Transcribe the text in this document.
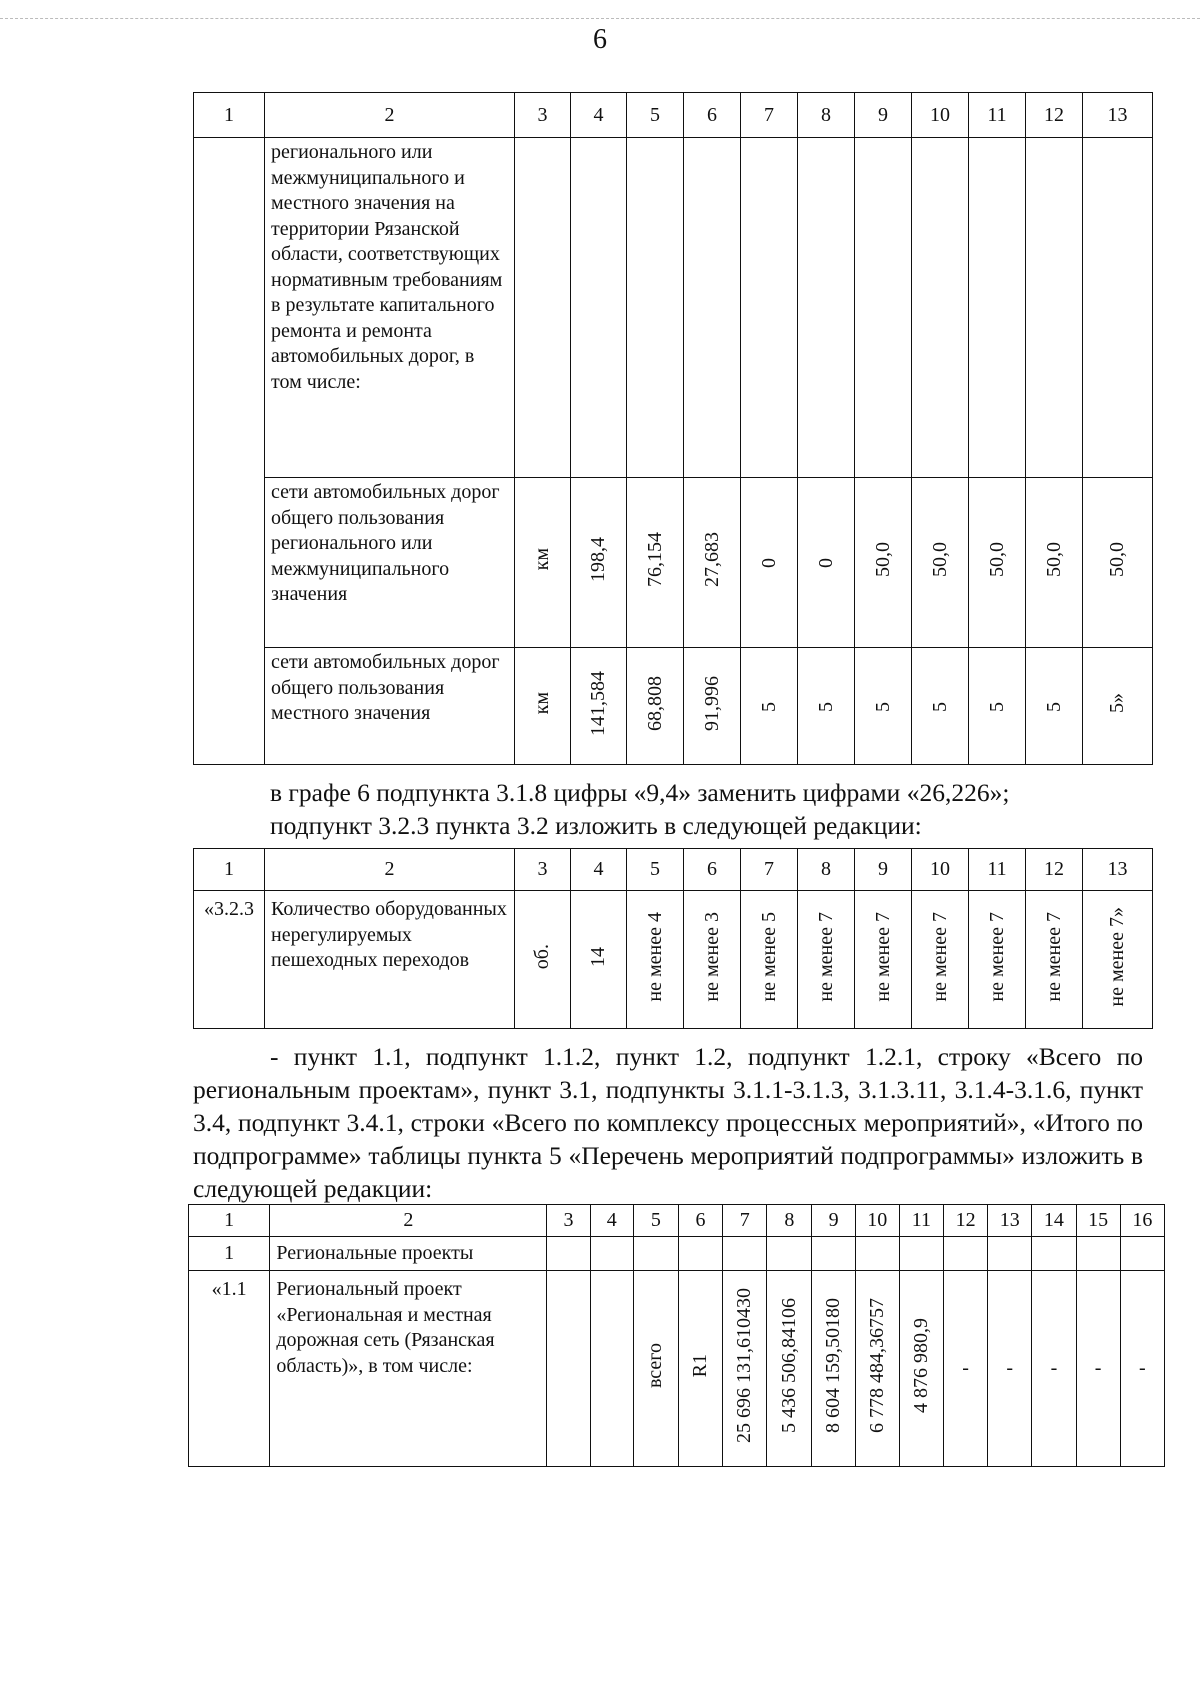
6
1	2	3	4	5	6	7	8	9	10	11	12	13
	регионального или межмуниципального и местного значения на территории Рязанской области, соответствующих нормативным требованиям в результате капитального ремонта и ремонта автомобильных дорог, в том числе:											
	сети автомобильных дорог общего пользования регионального или межмуниципального значения	км	198,4	76,154	27,683	0	0	50,0	50,0	50,0	50,0	50,0
	сети автомобильных дорог общего пользования местного значения	км	141,584	68,808	91,996	5	5	5	5	5	5	5»

в графе 6 подпункта 3.1.8 цифры «9,4» заменить цифрами «26,226»;

подпункт 3.2.3 пункта 3.2 изложить в следующей редакции:

1	2	3	4	5	6	7	8	9	10	11	12	13
«3.2.3	Количество оборудованных нерегулируемых пешеходных переходов	об.	14	не менее 4	не менее 3	не менее 5	не менее 7	не менее 7	не менее 7	не менее 7	не менее 7	не менее 7»
- пункт 1.1, подпункт 1.1.2, пункт 1.2, подпункт 1.2.1, строку «Всего по региональным проектам», пункт 3.1, подпункты 3.1.1-3.1.3, 3.1.3.11, 3.1.4-3.1.6, пункт 3.4, подпункт 3.4.1, строки «Всего по комплексу процессных мероприятий», «Итого по подпрограмме» таблицы пункта 5 «Перечень мероприятий подпрограммы» изложить в следующей редакции:
1	2	3	4	5	6	7	8	9	10	11	12	13	14	15	16
1	Региональные проекты														
«1.1	Региональный проект «Региональная и местная дорожная сеть (Рязанская область)», в том числе:			всего	R1	25 696 131,610430	5 436 506,84106	8 604 159,50180	6 778 484,36757	4 876 980,9	-	-	-	-	-
